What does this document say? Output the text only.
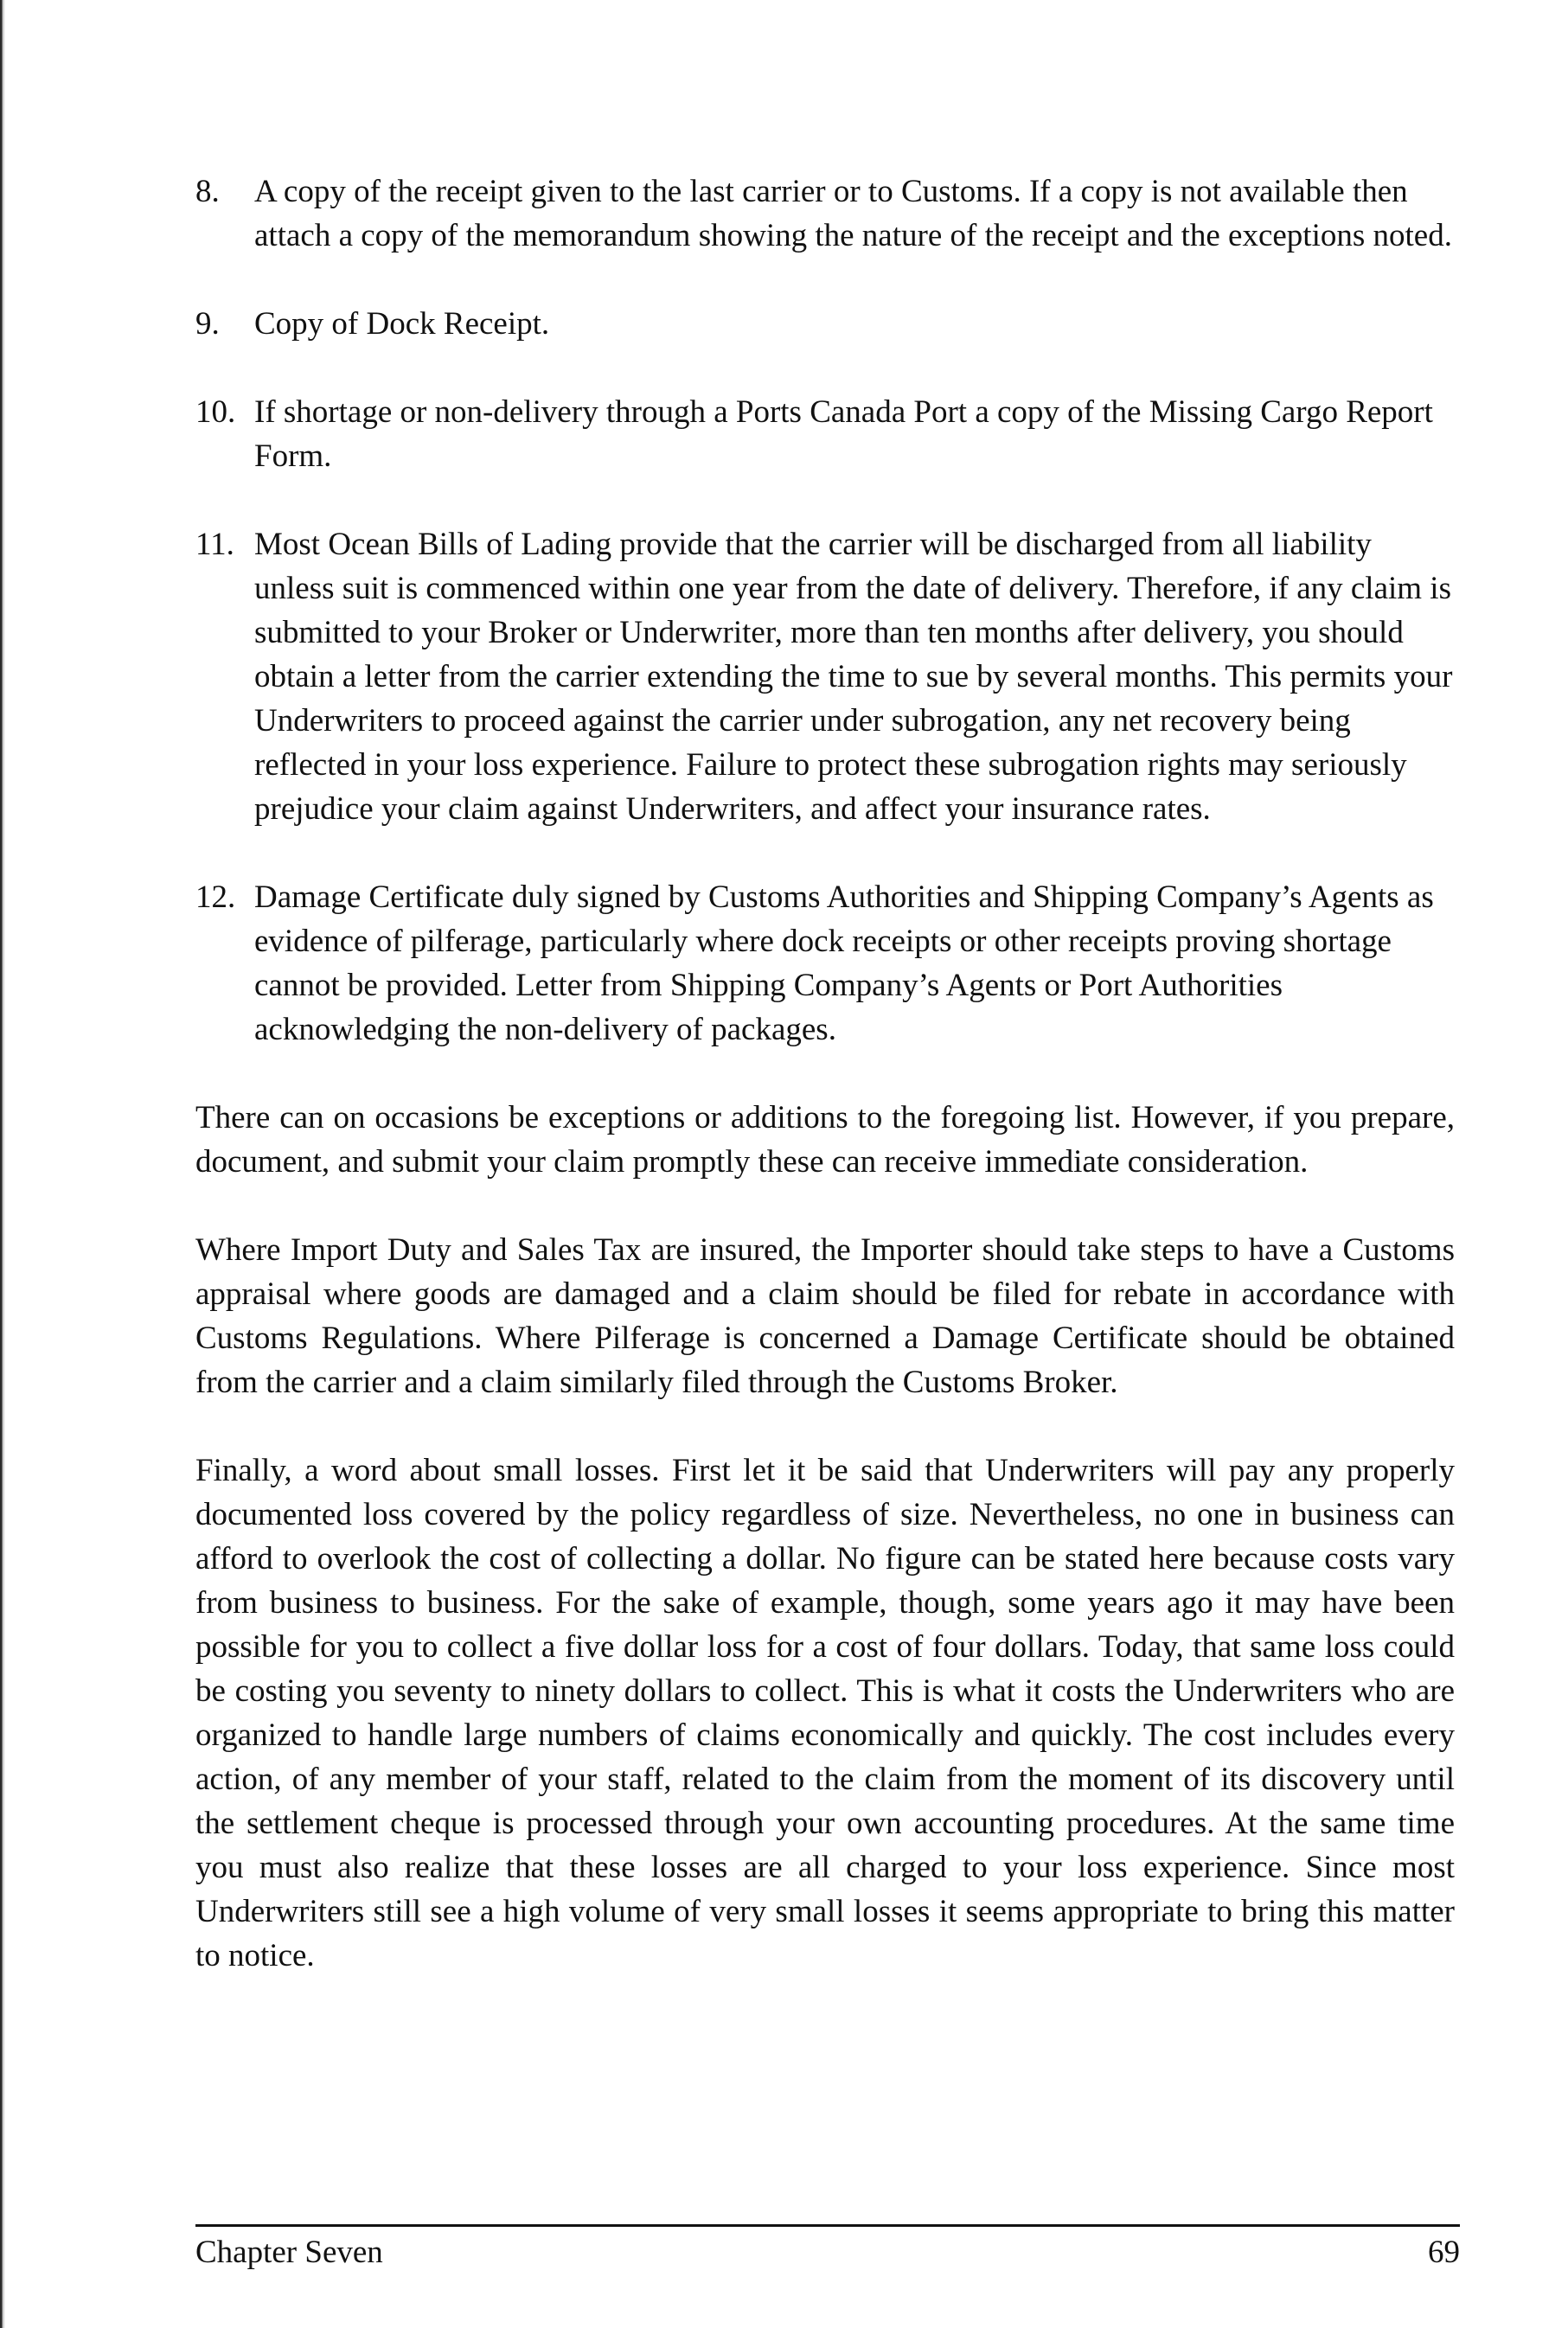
8.	A copy of the receipt given to the last carrier or to Customs. If a copy is not available then attach a copy of the memorandum showing the nature of the receipt and the exceptions noted.
9.	Copy of Dock Receipt.
10. If shortage or non-delivery through a Ports Canada Port a copy of the Missing Cargo Report Form.
11. Most Ocean Bills of Lading provide that the carrier will be discharged from all liability unless suit is commenced within one year from the date of delivery. Therefore, if any claim is submitted to your Broker or Underwriter, more than ten months after delivery, you should obtain a letter from the carrier extending the time to sue by several months. This permits your Underwriters to proceed against the carrier under subrogation, any net recovery being reflected in your loss experience. Failure to protect these subrogation rights may seriously prejudice your claim against Underwriters, and affect your insurance rates.
12. Damage Certificate duly signed by Customs Authorities and Shipping Company’s Agents as evidence of pilferage, particularly where dock receipts or other receipts proving shortage cannot be provided. Letter from Shipping Company’s Agents or Port Authorities acknowledging the non-delivery of packages.

There can on occasions be exceptions or additions to the foregoing list. However, if you prepare, document, and submit your claim promptly these can receive immediate consideration.

Where Import Duty and Sales Tax are insured, the Importer should take steps to have a Customs appraisal where goods are damaged and a claim should be filed for rebate in accordance with Customs Regulations. Where Pilferage is concerned a Damage Certificate should be obtained from the carrier and a claim similarly filed through the Customs Broker.

Finally, a word about small losses. First let it be said that Underwriters will pay any properly documented loss covered by the policy regardless of size. Nevertheless, no one in business can afford to overlook the cost of collecting a dollar. No figure can be stated here because costs vary from business to business. For the sake of example, though, some years ago it may have been possible for you to collect a five dollar loss for a cost of four dollars. Today, that same loss could be costing you seventy to ninety dollars to collect. This is what it costs the Underwriters who are organized to handle large numbers of claims economically and quickly. The cost includes every action, of any member of your staff, related to the claim from the moment of its discovery until the settlement cheque is processed through your own accounting procedures. At the same time you must also realize that these losses are all charged to your loss experience. Since most Underwriters still see a high volume of very small losses it seems appropriate to bring this matter to notice.

Chapter Seven	69
